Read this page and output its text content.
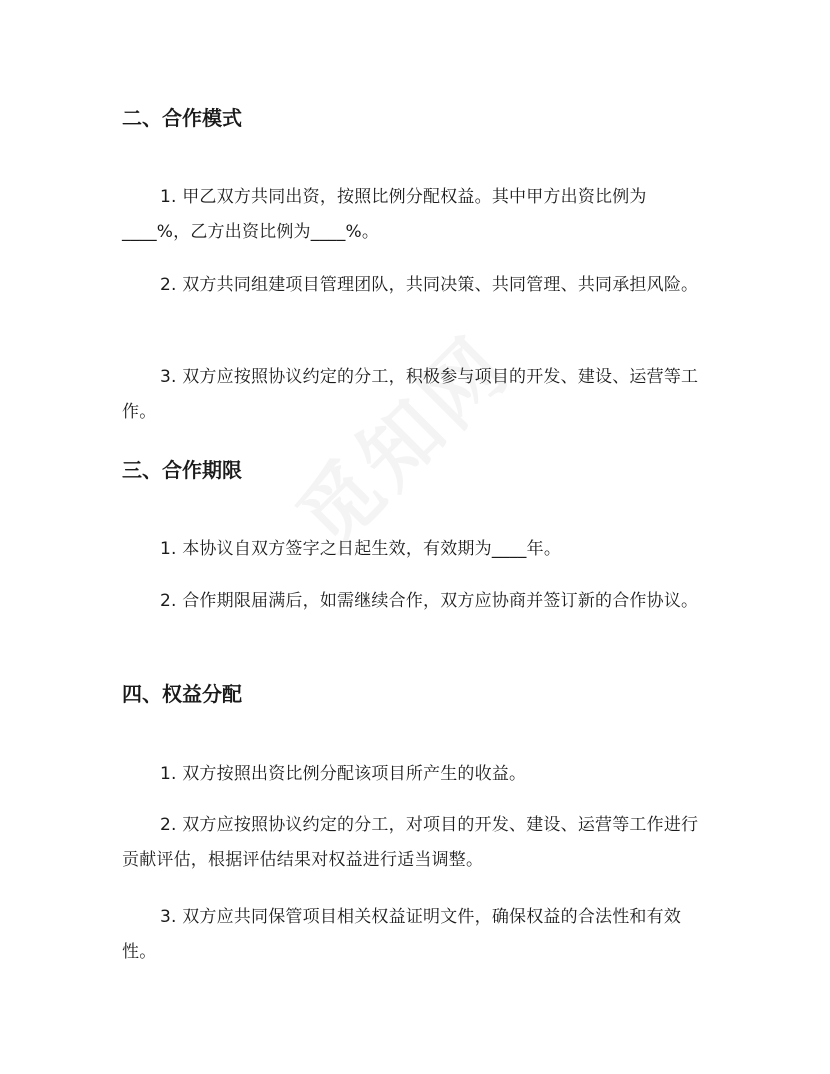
二、合作模式

1. 甲乙双方共同出资，按照比例分配权益。其中甲方出资比例为____%，乙方出资比例为____%。

2. 双方共同组建项目管理团队，共同决策、共同管理、共同承担风险。

3. 双方应按照协议约定的分工，积极参与项目的开发、建设、运营等工作。

三、合作期限

1. 本协议自双方签字之日起生效，有效期为____年。

2. 合作期限届满后，如需继续合作，双方应协商并签订新的合作协议。

四、权益分配

1. 双方按照出资比例分配该项目所产生的收益。

2. 双方应按照协议约定的分工，对项目的开发、建设、运营等工作进行贡献评估，根据评估结果对权益进行适当调整。

3. 双方应共同保管项目相关权益证明文件，确保权益的合法性和有效性。
